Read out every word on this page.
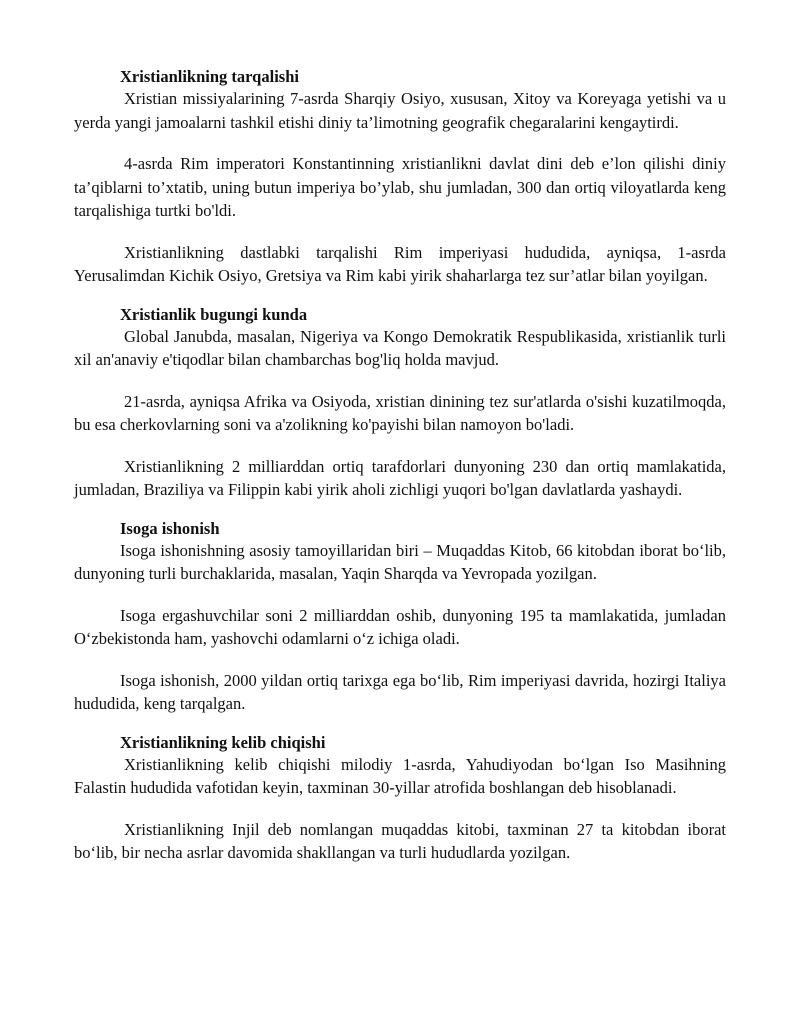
Xristianlikning tarqalishi

Xristian missiyalarining 7-asrda Sharqiy Osiyo, xususan, Xitoy va Koreyaga yetishi va u yerda yangi jamoalarni tashkil etishi diniy ta’limotning geografik chegaralarini kengaytirdi.

4-asrda Rim imperatori Konstantinning xristianlikni davlat dini deb e’lon qilishi diniy ta’qiblarni to’xtatib, uning butun imperiya bo’ylab, shu jumladan, 300 dan ortiq viloyatlarda keng tarqalishiga turtki bo'ldi.

Xristianlikning dastlabki tarqalishi Rim imperiyasi hududida, ayniqsa, 1-asrda Yerusalimdan Kichik Osiyo, Gretsiya va Rim kabi yirik shaharlarga tez sur’atlar bilan yoyilgan.

Xristianlik bugungi kunda

Global Janubda, masalan, Nigeriya va Kongo Demokratik Respublikasida, xristianlik turli xil an'anaviy e'tiqodlar bilan chambarchas bog'liq holda mavjud.

21-asrda, ayniqsa Afrika va Osiyoda, xristian dinining tez sur'atlarda o'sishi kuzatilmoqda, bu esa cherkovlarning soni va a'zolikning ko'payishi bilan namoyon bo'ladi.

Xristianlikning 2 milliarddan ortiq tarafdorlari dunyoning 230 dan ortiq mamlakatida, jumladan, Braziliya va Filippin kabi yirik aholi zichligi yuqori bo'lgan davlatlarda yashaydi.

Isoga ishonish

Isoga ishonishning asosiy tamoyillaridan biri – Muqaddas Kitob, 66 kitobdan iborat bo‘lib, dunyoning turli burchaklarida, masalan, Yaqin Sharqda va Yevropada yozilgan.

Isoga ergashuvchilar soni 2 milliarddan oshib, dunyoning 195 ta mamlakatida, jumladan O‘zbekistonda ham, yashovchi odamlarni o‘z ichiga oladi.

Isoga ishonish, 2000 yildan ortiq tarixga ega bo‘lib, Rim imperiyasi davrida, hozirgi Italiya hududida, keng tarqalgan.

Xristianlikning kelib chiqishi

Xristianlikning kelib chiqishi milodiy 1-asrda, Yahudiyodan bo‘lgan Iso Masihning Falastin hududida vafotidan keyin, taxminan 30-yillar atrofida boshlangan deb hisoblanadi.

Xristianlikning Injil deb nomlangan muqaddas kitobi, taxminan 27 ta kitobdan iborat bo‘lib, bir necha asrlar davomida shakllangan va turli hududlarda yozilgan.
